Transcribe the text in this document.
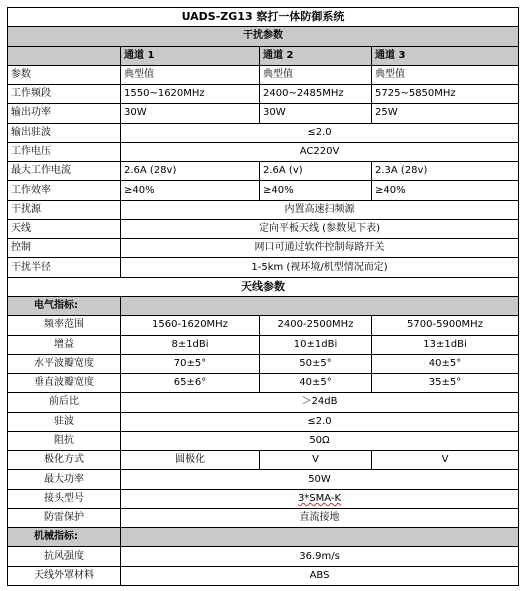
UADS-ZG13 察打一体防御系统			
干扰参数			
	通道 1	通道 2	通道 3
参数	典型值	典型值	典型值
工作频段	1550~1620MHz	2400~2485MHz	5725~5850MHz
输出功率	30W	30W	25W
输出驻波	≤2.0		
工作电压	AC220V		
最大工作电流	2.6A (28v)	2.6A (v)	2.3A (28v)
工作效率	≥40%	≥40%	≥40%
干扰源	内置高速扫频源		
天线	定向平板天线 (参数见下表)		
控制	网口可通过软件控制每路开关		
干扰半径	1-5km (视环境/机型情况而定)		
天线参数			
电气指标:			
频率范围	1560-1620MHz	2400-2500MHz	5700-5900MHz
增益	8±1dBi	10±1dBi	13±1dBi
水平波瓣宽度	70±5°	50±5°	40±5°
垂直波瓣宽度	65±6°	40±5°	35±5°
前后比	＞24dB		
驻波	≤2.0		
阻抗	50Ω		
极化方式	圆极化	V	V
最大功率	50W		
接头型号	3*SMA-K		
防雷保护	直流接地		
机械指标:			
抗风强度	36.9m/s		
天线外罩材料	ABS		
